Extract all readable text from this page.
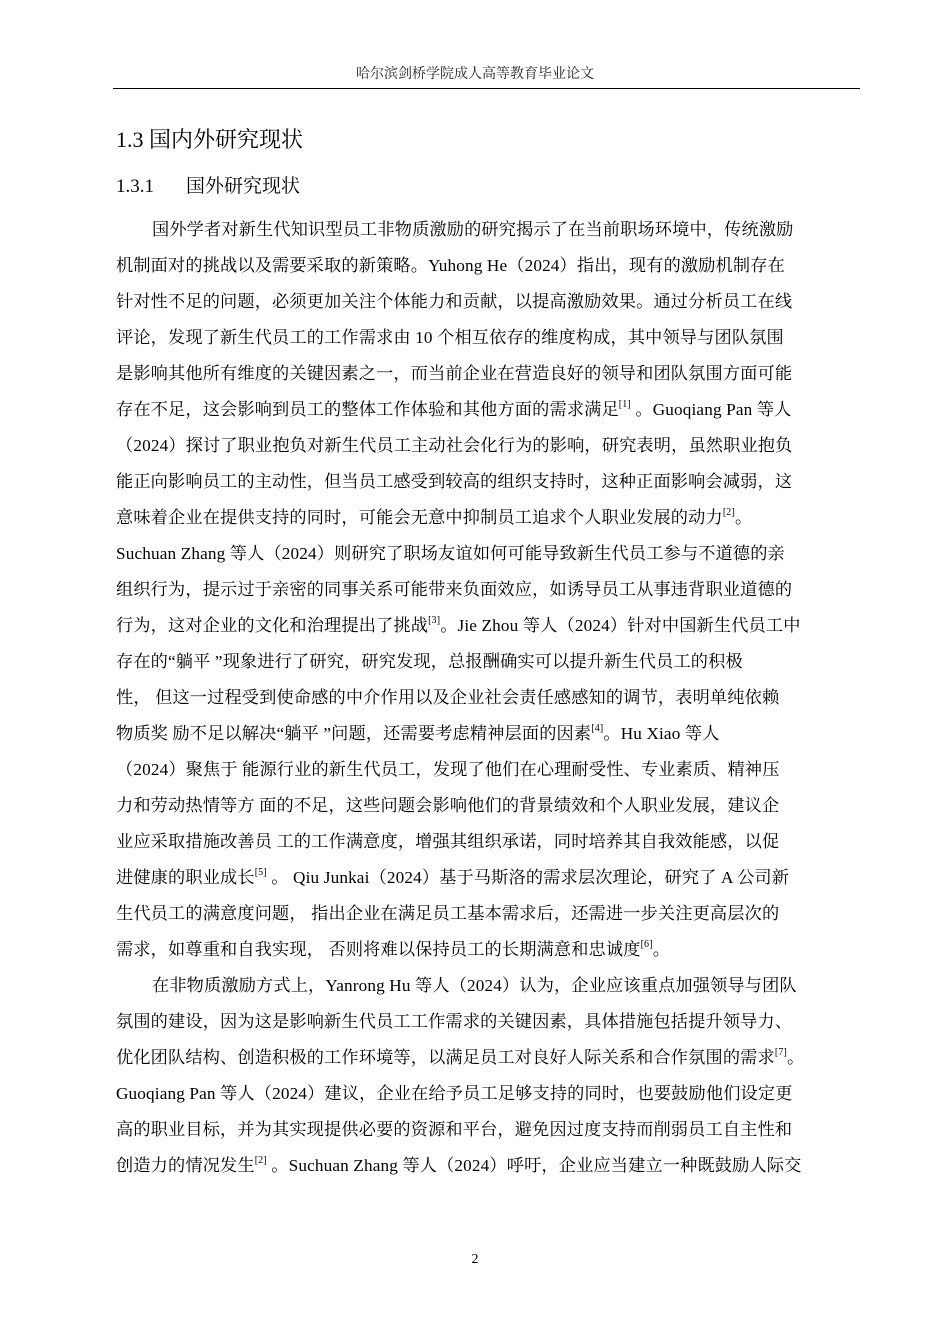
哈尔滨剑桥学院成人高等教育毕业论文
1.3 国内外研究现状
1.3.1 国外研究现状
国外学者对新生代知识型员工非物质激励的研究揭示了在当前职场环境中，传统激励
机制面对的挑战以及需要采取的新策略。Yuhong He（2024）指出，现有的激励机制存在
针对性不足的问题，必须更加关注个体能力和贡献，以提高激励效果。通过分析员工在线
评论，发现了新生代员工的工作需求由 10 个相互依存的维度构成，其中领导与团队氛围
是影响其他所有维度的关键因素之一，而当前企业在营造良好的领导和团队氛围方面可能
存在不足，这会影响到员工的整体工作体验和其他方面的需求满足[1] 。Guoqiang Pan 等人
（2024）探讨了职业抱负对新生代员工主动社会化行为的影响，研究表明，虽然职业抱负
能正向影响员工的主动性，但当员工感受到较高的组织支持时，这种正面影响会减弱，这
意味着企业在提供支持的同时，可能会无意中抑制员工追求个人职业发展的动力[2]。
Suchuan Zhang 等人（2024）则研究了职场友谊如何可能导致新生代员工参与不道德的亲
组织行为，提示过于亲密的同事关系可能带来负面效应，如诱导员工从事违背职业道德的
行为，这对企业的文化和治理提出了挑战[3]。Jie Zhou 等人（2024）针对中国新生代员工中
存在的“躺平 ”现象进行了研究，研究发现，总报酬确实可以提升新生代员工的积极
性， 但这一过程受到使命感的中介作用以及企业社会责任感感知的调节，表明单纯依赖
物质奖 励不足以解决“躺平 ”问题，还需要考虑精神层面的因素[4]。Hu Xiao 等人
（2024）聚焦于 能源行业的新生代员工，发现了他们在心理耐受性、专业素质、精神压
力和劳动热情等方 面的不足，这些问题会影响他们的背景绩效和个人职业发展，建议企
业应采取措施改善员 工的工作满意度，增强其组织承诺，同时培养其自我效能感，以促
进健康的职业成长[5] 。 Qiu Junkai（2024）基于马斯洛的需求层次理论，研究了 A 公司新
生代员工的满意度问题， 指出企业在满足员工基本需求后，还需进一步关注更高层次的
需求，如尊重和自我实现， 否则将难以保持员工的长期满意和忠诚度[6]。
在非物质激励方式上，Yanrong Hu 等人（2024）认为，企业应该重点加强领导与团队
氛围的建设，因为这是影响新生代员工工作需求的关键因素，具体措施包括提升领导力、
优化团队结构、创造积极的工作环境等，以满足员工对良好人际关系和合作氛围的需求[7]。
Guoqiang Pan 等人（2024）建议，企业在给予员工足够支持的同时，也要鼓励他们设定更
高的职业目标，并为其实现提供必要的资源和平台，避免因过度支持而削弱员工自主性和
创造力的情况发生[2] 。Suchuan Zhang 等人（2024）呼吁，企业应当建立一种既鼓励人际交
2
